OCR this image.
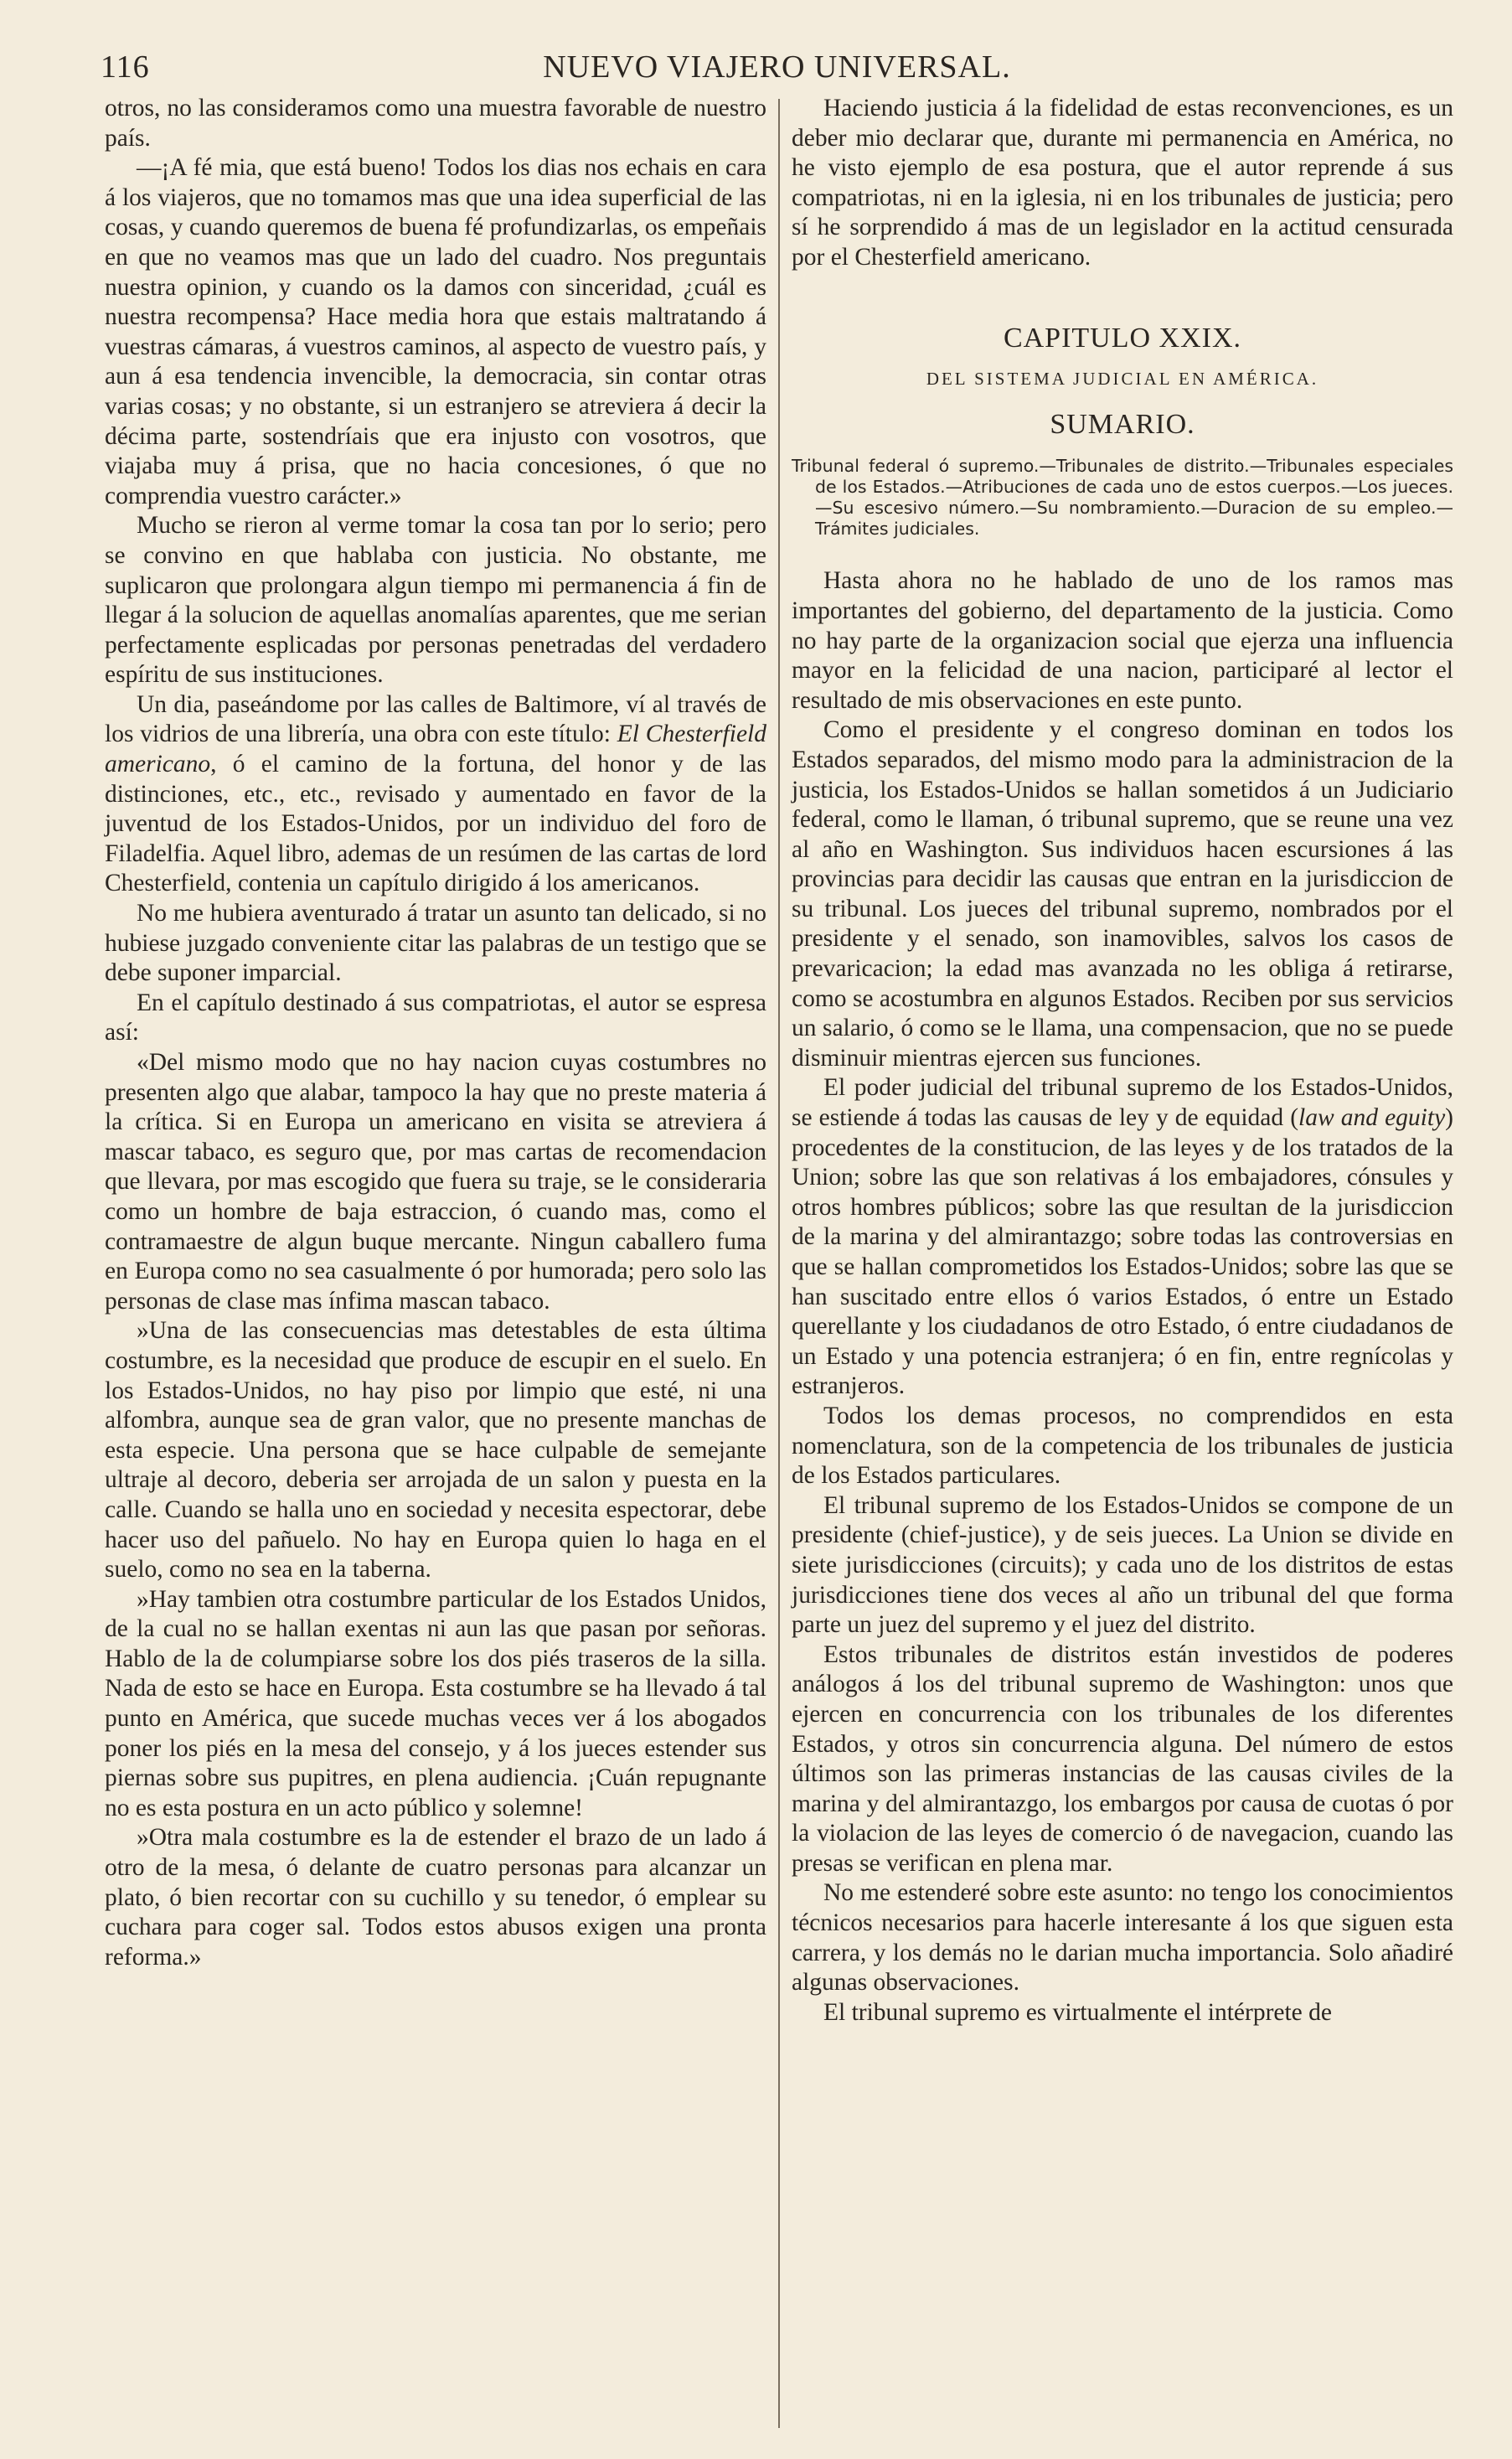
116	NUEVO VIAJERO UNIVERSAL.

otros, no las consideramos como una muestra favorable de nuestro país.

—¡A fé mia, que está bueno! Todos los dias nos echais en cara á los viajeros, que no tomamos mas que una idea superficial de las cosas, y cuando queremos de buena fé profundizarlas, os empeñais en que no veamos mas que un lado del cuadro. Nos preguntais nuestra opinion, y cuando os la damos con sinceridad, ¿cuál es nuestra recompensa? Hace media hora que estais maltratando á vuestras cámaras, á vuestros caminos, al aspecto de vuestro país, y aun á esa tendencia invencible, la democracia, sin contar otras varias cosas; y no obstante, si un estranjero se atreviera á decir la décima parte, sostendríais que era injusto con vosotros, que viajaba muy á prisa, que no hacia concesiones, ó que no comprendia vuestro carácter.»

Mucho se rieron al verme tomar la cosa tan por lo serio; pero se convino en que hablaba con justicia. No obstante, me suplicaron que prolongara algun tiempo mi permanencia á fin de llegar á la solucion de aquellas anomalías aparentes, que me serian perfectamente esplicadas por personas penetradas del verdadero espíritu de sus instituciones.

Un dia, paseándome por las calles de Baltimore, ví al través de los vidrios de una librería, una obra con este título: El Chesterfield americano, ó el camino de la fortuna, del honor y de las distinciones, etc., etc., revisado y aumentado en favor de la juventud de los Estados-Unidos, por un individuo del foro de Filadelfia. Aquel libro, ademas de un resúmen de las cartas de lord Chesterfield, contenia un capítulo dirigido á los americanos.

No me hubiera aventurado á tratar un asunto tan delicado, si no hubiese juzgado conveniente citar las palabras de un testigo que se debe suponer imparcial.

En el capítulo destinado á sus compatriotas, el autor se espresa así:

«Del mismo modo que no hay nacion cuyas costumbres no presenten algo que alabar, tampoco la hay que no preste materia á la crítica. Si en Europa un americano en visita se atreviera á mascar tabaco, es seguro que, por mas cartas de recomendacion que llevara, por mas escogido que fuera su traje, se le consideraria como un hombre de baja estraccion, ó cuando mas, como el contramaestre de algun buque mercante. Ningun caballero fuma en Europa como no sea casualmente ó por humorada; pero solo las personas de clase mas ínfima mascan tabaco.

»Una de las consecuencias mas detestables de esta última costumbre, es la necesidad que produce de escupir en el suelo. En los Estados-Unidos, no hay piso por limpio que esté, ni una alfombra, aunque sea de gran valor, que no presente manchas de esta especie. Una persona que se hace culpable de semejante ultraje al decoro, deberia ser arrojada de un salon y puesta en la calle. Cuando se halla uno en sociedad y necesita espectorar, debe hacer uso del pañuelo. No hay en Europa quien lo haga en el suelo, como no sea en la taberna.

»Hay tambien otra costumbre particular de los Estados Unidos, de la cual no se hallan exentas ni aun las que pasan por señoras. Hablo de la de columpiarse sobre los dos piés traseros de la silla. Nada de esto se hace en Europa. Esta costumbre se ha llevado á tal punto en América, que sucede muchas veces ver á los abogados poner los piés en la mesa del consejo, y á los jueces estender sus piernas sobre sus pupitres, en plena audiencia. ¡Cuán repugnante no es esta postura en un acto público y solemne!

»Otra mala costumbre es la de estender el brazo de un lado á otro de la mesa, ó delante de cuatro personas para alcanzar un plato, ó bien recortar con su cuchillo y su tenedor, ó emplear su cuchara para coger sal. Todos estos abusos exigen una pronta reforma.»

Haciendo justicia á la fidelidad de estas reconvenciones, es un deber mio declarar que, durante mi permanencia en América, no he visto ejemplo de esa postura, que el autor reprende á sus compatriotas, ni en la iglesia, ni en los tribunales de justicia; pero sí he sorprendido á mas de un legislador en la actitud censurada por el Chesterfield americano.

CAPITULO XXIX.
DEL SISTEMA JUDICIAL EN AMÉRICA.
SUMARIO.

Tribunal federal ó supremo.—Tribunales de distrito.—Tribunales especiales de los Estados.—Atribuciones de cada uno de estos cuerpos.—Los jueces.—Su escesivo número.—Su nombramiento.—Duracion de su empleo.—Trámites judiciales.

Hasta ahora no he hablado de uno de los ramos mas importantes del gobierno, del departamento de la justicia. Como no hay parte de la organizacion social que ejerza una influencia mayor en la felicidad de una nacion, participaré al lector el resultado de mis observaciones en este punto.

Como el presidente y el congreso dominan en todos los Estados separados, del mismo modo para la administracion de la justicia, los Estados-Unidos se hallan sometidos á un Judiciario federal, como le llaman, ó tribunal supremo, que se reune una vez al año en Washington. Sus individuos hacen escursiones á las provincias para decidir las causas que entran en la jurisdiccion de su tribunal. Los jueces del tribunal supremo, nombrados por el presidente y el senado, son inamovibles, salvos los casos de prevaricacion; la edad mas avanzada no les obliga á retirarse, como se acostumbra en algunos Estados. Reciben por sus servicios un salario, ó como se le llama, una compensacion, que no se puede disminuir mientras ejercen sus funciones.

El poder judicial del tribunal supremo de los Estados-Unidos, se estiende á todas las causas de ley y de equidad (law and eguity) procedentes de la constitucion, de las leyes y de los tratados de la Union; sobre las que son relativas á los embajadores, cónsules y otros hombres públicos; sobre las que resultan de la jurisdiccion de la marina y del almirantazgo; sobre todas las controversias en que se hallan comprometidos los Estados-Unidos; sobre las que se han suscitado entre ellos ó varios Estados, ó entre un Estado querellante y los ciudadanos de otro Estado, ó entre ciudadanos de un Estado y una potencia estranjera; ó en fin, entre regnícolas y estranjeros.

Todos los demas procesos, no comprendidos en esta nomenclatura, son de la competencia de los tribunales de justicia de los Estados particulares.

El tribunal supremo de los Estados-Unidos se compone de un presidente (chief-justice), y de seis jueces. La Union se divide en siete jurisdicciones (circuits); y cada uno de los distritos de estas jurisdicciones tiene dos veces al año un tribunal del que forma parte un juez del supremo y el juez del distrito.

Estos tribunales de distritos están investidos de poderes análogos á los del tribunal supremo de Washington: unos que ejercen en concurrencia con los tribunales de los diferentes Estados, y otros sin concurrencia alguna. Del número de estos últimos son las primeras instancias de las causas civiles de la marina y del almirantazgo, los embargos por causa de cuotas ó por la violacion de las leyes de comercio ó de navegacion, cuando las presas se verifican en plena mar.

No me estenderé sobre este asunto: no tengo los conocimientos técnicos necesarios para hacerle interesante á los que siguen esta carrera, y los demás no le darian mucha importancia. Solo añadiré algunas observaciones.

El tribunal supremo es virtualmente el intérprete de
